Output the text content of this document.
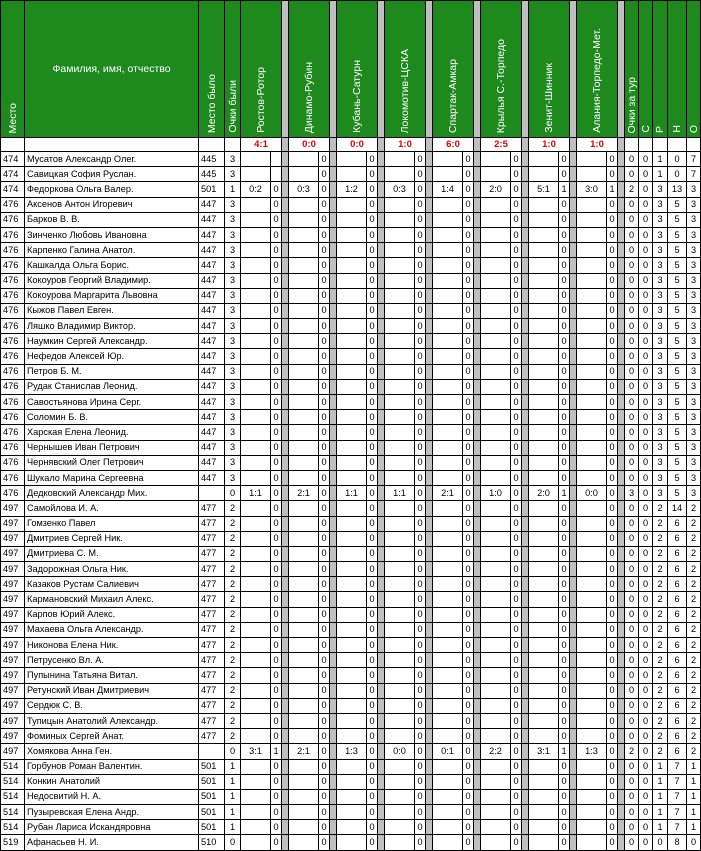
Место	Фамилия, имя, отчество	Место было	Очки были	Ростов-Ротор			Динамо-Рубин			Кубань-Сатурн			Локомотив-ЦСКА			Спартак-Амкар			Крылья С.-Торпедо			Зенит-Шинник			Алания-Торпедо-Мет.			Очки за тур	С	Р	Н	О
				4:1			0:0			0:0			1:0			6:0			2:5			1:0			1:0							
474	Мусатов Александр Олег.	445	3					0			0			0			0			0			0			0		0	0	1	0	7
474	Савицкая София Руслан.	445	3					0			0			0			0			0			0			0		0	0	1	0	7
474	Федоркова Ольга Валер.	501	1	0:2	0		0:3	0		1:2	0		0:3	0		1:4	0		2:0	0		5:1	1		3:0	1		2	0	3	13	3
476	Аксенов Антон Игоревич	447	3		0			0			0			0			0			0			0			0		0	0	3	5	3
476	Барков В. В.	447	3		0			0			0			0			0			0			0			0		0	0	3	5	3
476	Зинченко Любовь Ивановна	447	3		0			0			0			0			0			0			0			0		0	0	3	5	3
476	Карпенко Галина Анатол.	447	3		0			0			0			0			0			0			0			0		0	0	3	5	3
476	Кашкалда Ольга Борис.	447	3		0			0			0			0			0			0			0			0		0	0	3	5	3
476	Кокоуров Георгий Владимир.	447	3		0			0			0			0			0			0			0			0		0	0	3	5	3
476	Кокоурова Маргарита Львовна	447	3		0			0			0			0			0			0			0			0		0	0	3	5	3
476	Кыжов Павел Евген.	447	3		0			0			0			0			0			0			0			0		0	0	3	5	3
476	Ляшко Владимир Виктор.	447	3		0			0			0			0			0			0			0			0		0	0	3	5	3
476	Наумкин Сергей Александр.	447	3		0			0			0			0			0			0			0			0		0	0	3	5	3
476	Нефедов Алексей Юр.	447	3		0			0			0			0			0			0			0			0		0	0	3	5	3
476	Петров Б. М.	447	3		0			0			0			0			0			0			0			0		0	0	3	5	3
476	Рудак Станислав Леонид.	447	3		0			0			0			0			0			0			0			0		0	0	3	5	3
476	Савостьянова Ирина Серг.	447	3		0			0			0			0			0			0			0			0		0	0	3	5	3
476	Соломин Б. В.	447	3		0			0			0			0			0			0			0			0		0	0	3	5	3
476	Харская Елена Леонид.	447	3		0			0			0			0			0			0			0			0		0	0	3	5	3
476	Чернышев Иван Петрович	447	3		0			0			0			0			0			0			0			0		0	0	3	5	3
476	Чернявский Олег Петрович	447	3		0			0			0			0			0			0			0			0		0	0	3	5	3
476	Шукало Марина Сергеевна	447	3		0			0			0			0			0			0			0			0		0	0	3	5	3
476	Дедковский Александр Мих.		0	1:1	0		2:1	0		1:1	0		1:1	0		2:1	0		1:0	0		2:0	1		0:0	0		3	0	3	5	3
497	Самойлова И. А.	477	2		0			0			0			0			0			0			0			0		0	0	2	14	2
497	Гомзенко Павел	477	2		0			0			0			0			0			0			0			0		0	0	2	6	2
497	Дмитриев Сергей Ник.	477	2		0			0			0			0			0			0			0			0		0	0	2	6	2
497	Дмитриева С. М.	477	2		0			0			0			0			0			0			0			0		0	0	2	6	2
497	Задорожная Ольга Ник.	477	2		0			0			0			0			0			0			0			0		0	0	2	6	2
497	Казаков Рустам Салиевич	477	2		0			0			0			0			0			0			0			0		0	0	2	6	2
497	Кармановский Михаил Алекс.	477	2		0			0			0			0			0			0			0			0		0	0	2	6	2
497	Карпов Юрий Алекс.	477	2		0			0			0			0			0			0			0			0		0	0	2	6	2
497	Махаева Ольга Александр.	477	2		0			0			0			0			0			0			0			0		0	0	2	6	2
497	Никонова Елена Ник.	477	2		0			0			0			0			0			0			0			0		0	0	2	6	2
497	Петрусенко Вл. А.	477	2		0			0			0			0			0			0			0			0		0	0	2	6	2
497	Пупынина Татьяна Витал.	477	2		0			0			0			0			0			0			0			0		0	0	2	6	2
497	Ретунский Иван Дмитриевич	477	2		0			0			0			0			0			0			0			0		0	0	2	6	2
497	Сердюк С. В.	477	2		0			0			0			0			0			0			0			0		0	0	2	6	2
497	Тупицын Анатолий Александр.	477	2		0			0			0			0			0			0			0			0		0	0	2	6	2
497	Фоминых Сергей Анат.	477	2		0			0			0			0			0			0			0			0		0	0	2	6	2
497	Хомякова Анна Ген.		0	3:1	1		2:1	0		1:3	0		0:0	0		0:1	0		2:2	0		3:1	1		1:3	0		2	0	2	6	2
514	Горбунов Роман Валентин.	501	1		0			0			0			0			0			0			0			0		0	0	1	7	1
514	Конкин Анатолий	501	1		0			0			0			0			0			0			0			0		0	0	1	7	1
514	Недосвитий Н. А.	501	1		0			0			0			0			0			0			0			0		0	0	1	7	1
514	Пузыревская Елена Андр.	501	1		0			0			0			0			0			0			0			0		0	0	1	7	1
514	Рубан Лариса Искандяровна	501	1		0			0			0			0			0			0			0			0		0	0	1	7	1
519	Афанасьев Н. И.	510	0		0			0			0			0			0			0			0			0		0	0	0	8	0
